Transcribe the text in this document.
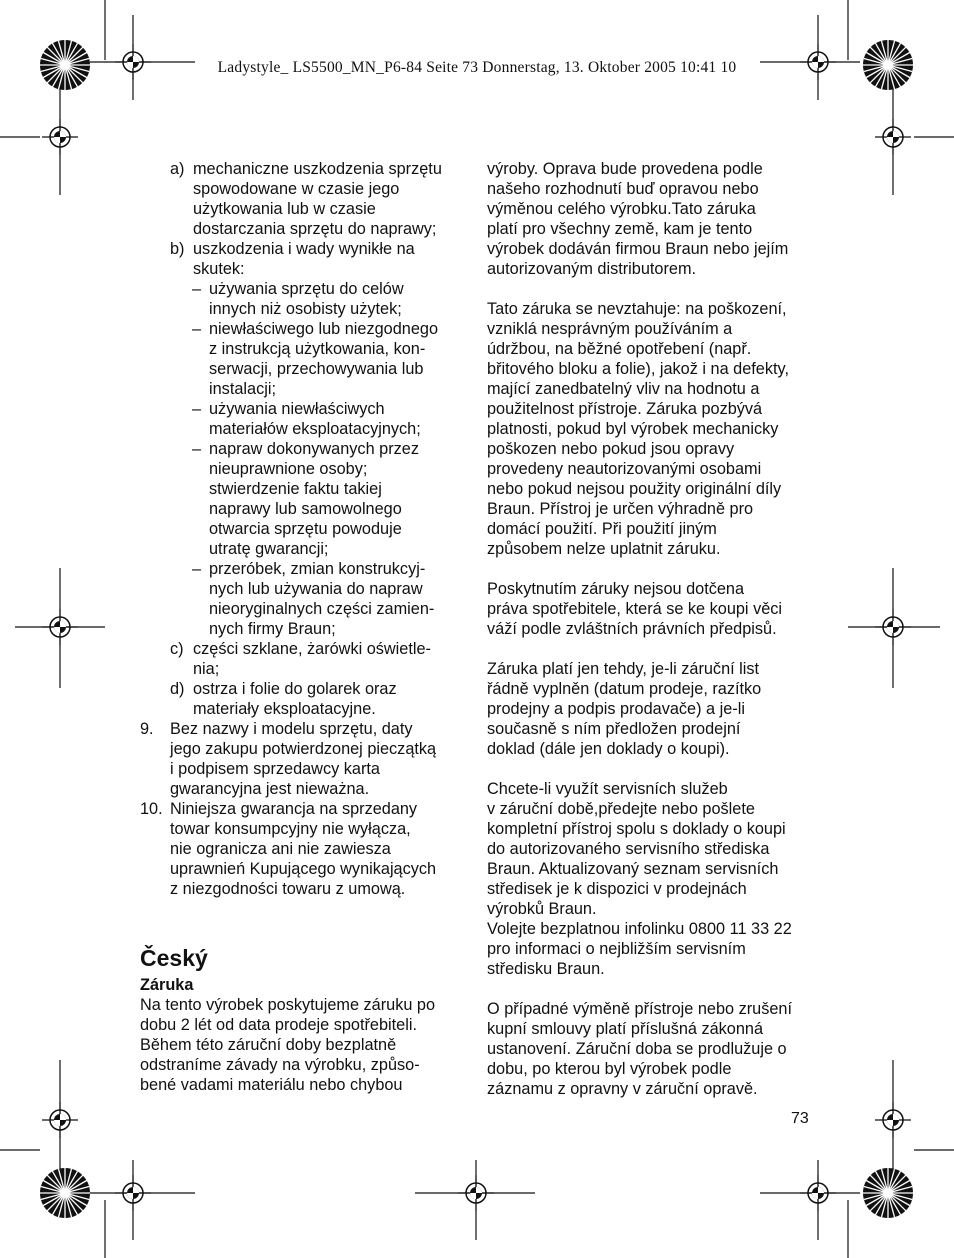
Ladystyle_ LS5500_MN_P6-84 Seite 73 Donnerstag, 13. Oktober 2005 10:41 10
a) mechaniczne uszkodzenia sprzętu
spowodowane w czasie jego
użytkowania lub w czasie
dostarczania sprzętu do naprawy;
b) uszkodzenia i wady wynikłe na
skutek:
– używania sprzętu do celów
innych niż osobisty użytek;
– niewłaściwego lub niezgodnego
z instrukcją użytkowania, kon-
serwacji, przechowywania lub
instalacji;
– używania niewłaściwych
materiałów eksploatacyjnych;
– napraw dokonywanych przez
nieuprawnione osoby;
stwierdzenie faktu takiej
naprawy lub samowolnego
otwarcia sprzętu powoduje
utratę gwarancji;
– przeróbek, zmian konstrukcyj-
nych lub używania do napraw
nieoryginalnych części zamien-
nych firmy Braun;
c) części szklane, żarówki oświetle-
nia;
d) ostrza i folie do golarek oraz
materiały eksploatacyjne.
9.	Bez nazwy i modelu sprzętu, daty
jego zakupu potwierdzonej pieczątką
i podpisem sprzedawcy karta
gwarancyjna jest nieważna.
10. Niniejsza gwarancja na sprzedany
towar konsumpcyjny nie wyłącza,
nie ogranicza ani nie zawiesza
uprawnień Kupującego wynikających
z niezgodności towaru z umową.
Český
Záruka
Na tento výrobek poskytujeme záruku po
dobu 2 lét od data prodeje spotřebiteli.
Během této záruční doby bezplatně
odstraníme závady na výrobku, způso-
bené vadami materiálu nebo chybou
výroby. Oprava bude provedena podle
našeho rozhodnutí buď opravou nebo
výměnou celého výrobku.Tato záruka
platí pro všechny země, kam je tento
výrobek dodáván firmou Braun nebo jejím
autorizovaným distributorem.
Tato záruka se nevztahuje: na poškození,
vzniklá nesprávným používáním a
údržbou, na běžné opotřebení (např.
břitového bloku a folie), jakož i na defekty,
mající zanedbatelný vliv na hodnotu a
použitelnost přístroje. Záruka pozbývá
platnosti, pokud byl výrobek mechanicky
poškozen nebo pokud jsou opravy
provedeny neautorizovanými osobami
nebo pokud nejsou použity originální díly
Braun. Přístroj je určen výhradně pro
domácí použití. Při použití jiným
způsobem nelze uplatnit záruku.
Poskytnutím záruky nejsou dotčena
práva spotřebitele, která se ke koupi věci
váží podle zvláštních právních předpisů.
Záruka platí jen tehdy, je-li záruční list
řádně vyplněn (datum prodeje, razítko
prodejny a podpis prodavače) a je-li
současně s ním předložen prodejní
doklad (dále jen doklady o koupi).
Chcete-li využít servisních služeb
v záruční době,předejte nebo pošlete
kompletní přístroj spolu s doklady o koupi
do autorizovaného servisního střediska
Braun. Aktualizovaný seznam servisních
středisek je k dispozici v prodejnách
výrobků Braun.
Volejte bezplatnou infolinku 0800 11 33 22
pro informaci o nejbližším servisním
středisku Braun.
O případné výměně přístroje nebo zrušení
kupní smlouvy platí příslušná zákonná
ustanovení. Záruční doba se prodlužuje o
dobu, po kterou byl výrobek podle
záznamu z opravny v záruční opravě.
73
